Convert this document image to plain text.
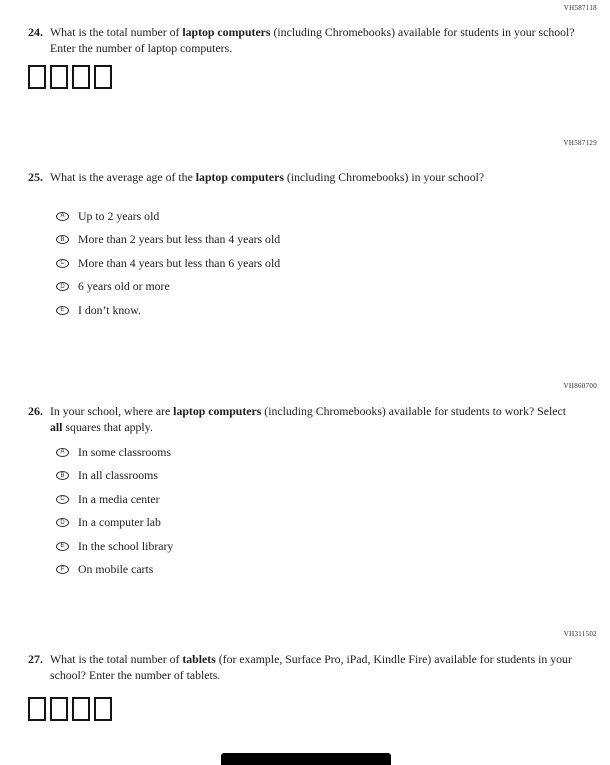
VH587118
24. What is the total number of laptop computers (including Chromebooks) available for students in your school? Enter the number of laptop computers.
VH587129
25. What is the average age of the laptop computers (including Chromebooks) in your school?
A Up to 2 years old
B More than 2 years but less than 4 years old
C More than 4 years but less than 6 years old
D 6 years old or more
E I don’t know.
VH860700
26. In your school, where are laptop computers (including Chromebooks) available for students to work? Select all squares that apply.
A In some classrooms
B In all classrooms
C In a media center
D In a computer lab
E In the school library
F On mobile carts
VH311502
27. What is the total number of tablets (for example, Surface Pro, iPad, Kindle Fire) available for students in your school? Enter the number of tablets.
